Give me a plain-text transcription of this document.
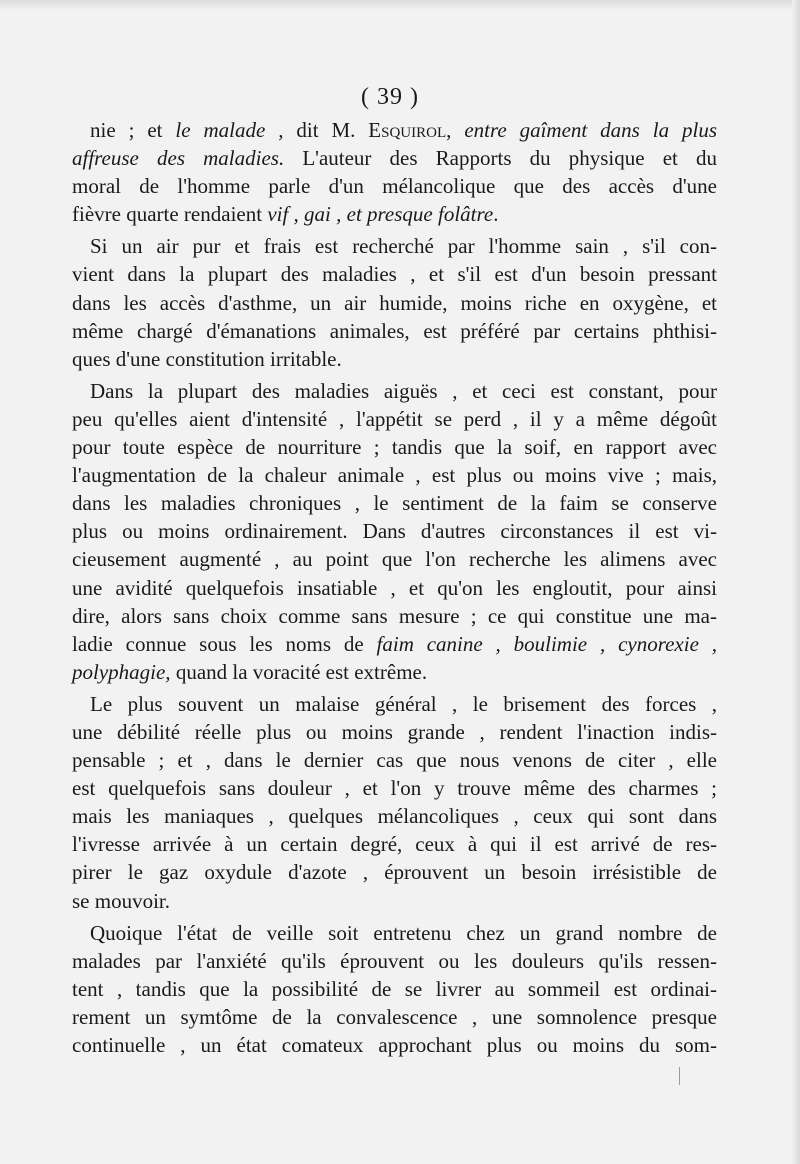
( 39 )
nie ; et le malade , dit M. Esquirol, entre gaîment dans la plus
affreuse des maladies. L'auteur des Rapports du physique et du
moral de l'homme parle d'un mélancolique que des accès d'une
fièvre quarte rendaient vif , gai , et presque folâtre.
Si un air pur et frais est recherché par l'homme sain , s'il con-
vient dans la plupart des maladies , et s'il est d'un besoin pressant
dans les accès d'asthme, un air humide, moins riche en oxygène, et
même chargé d'émanations animales, est préféré par certains phthisi-
ques d'une constitution irritable.
Dans la plupart des maladies aiguës , et ceci est constant, pour
peu qu'elles aient d'intensité , l'appétit se perd , il y a même dégoût
pour toute espèce de nourriture ; tandis que la soif, en rapport avec
l'augmentation de la chaleur animale , est plus ou moins vive ; mais,
dans les maladies chroniques , le sentiment de la faim se conserve
plus ou moins ordinairement. Dans d'autres circonstances il est vi-
cieusement augmenté , au point que l'on recherche les alimens avec
une avidité quelquefois insatiable , et qu'on les engloutit, pour ainsi
dire, alors sans choix comme sans mesure ; ce qui constitue une ma-
ladie connue sous les noms de faim canine , boulimie , cynorexie ,
polyphagie, quand la voracité est extrême.
Le plus souvent un malaise général , le brisement des forces ,
une débilité réelle plus ou moins grande , rendent l'inaction indis-
pensable ; et , dans le dernier cas que nous venons de citer , elle
est quelquefois sans douleur , et l'on y trouve même des charmes ;
mais les maniaques , quelques mélancoliques , ceux qui sont dans
l'ivresse arrivée à un certain degré, ceux à qui il est arrivé de res-
pirer le gaz oxydule d'azote , éprouvent un besoin irrésistible de
se mouvoir.
Quoique l'état de veille soit entretenu chez un grand nombre de
malades par l'anxiété qu'ils éprouvent ou les douleurs qu'ils ressen-
tent , tandis que la possibilité de se livrer au sommeil est ordinai-
rement un symtôme de la convalescence , une somnolence presque
continuelle , un état comateux approchant plus ou moins du som-
